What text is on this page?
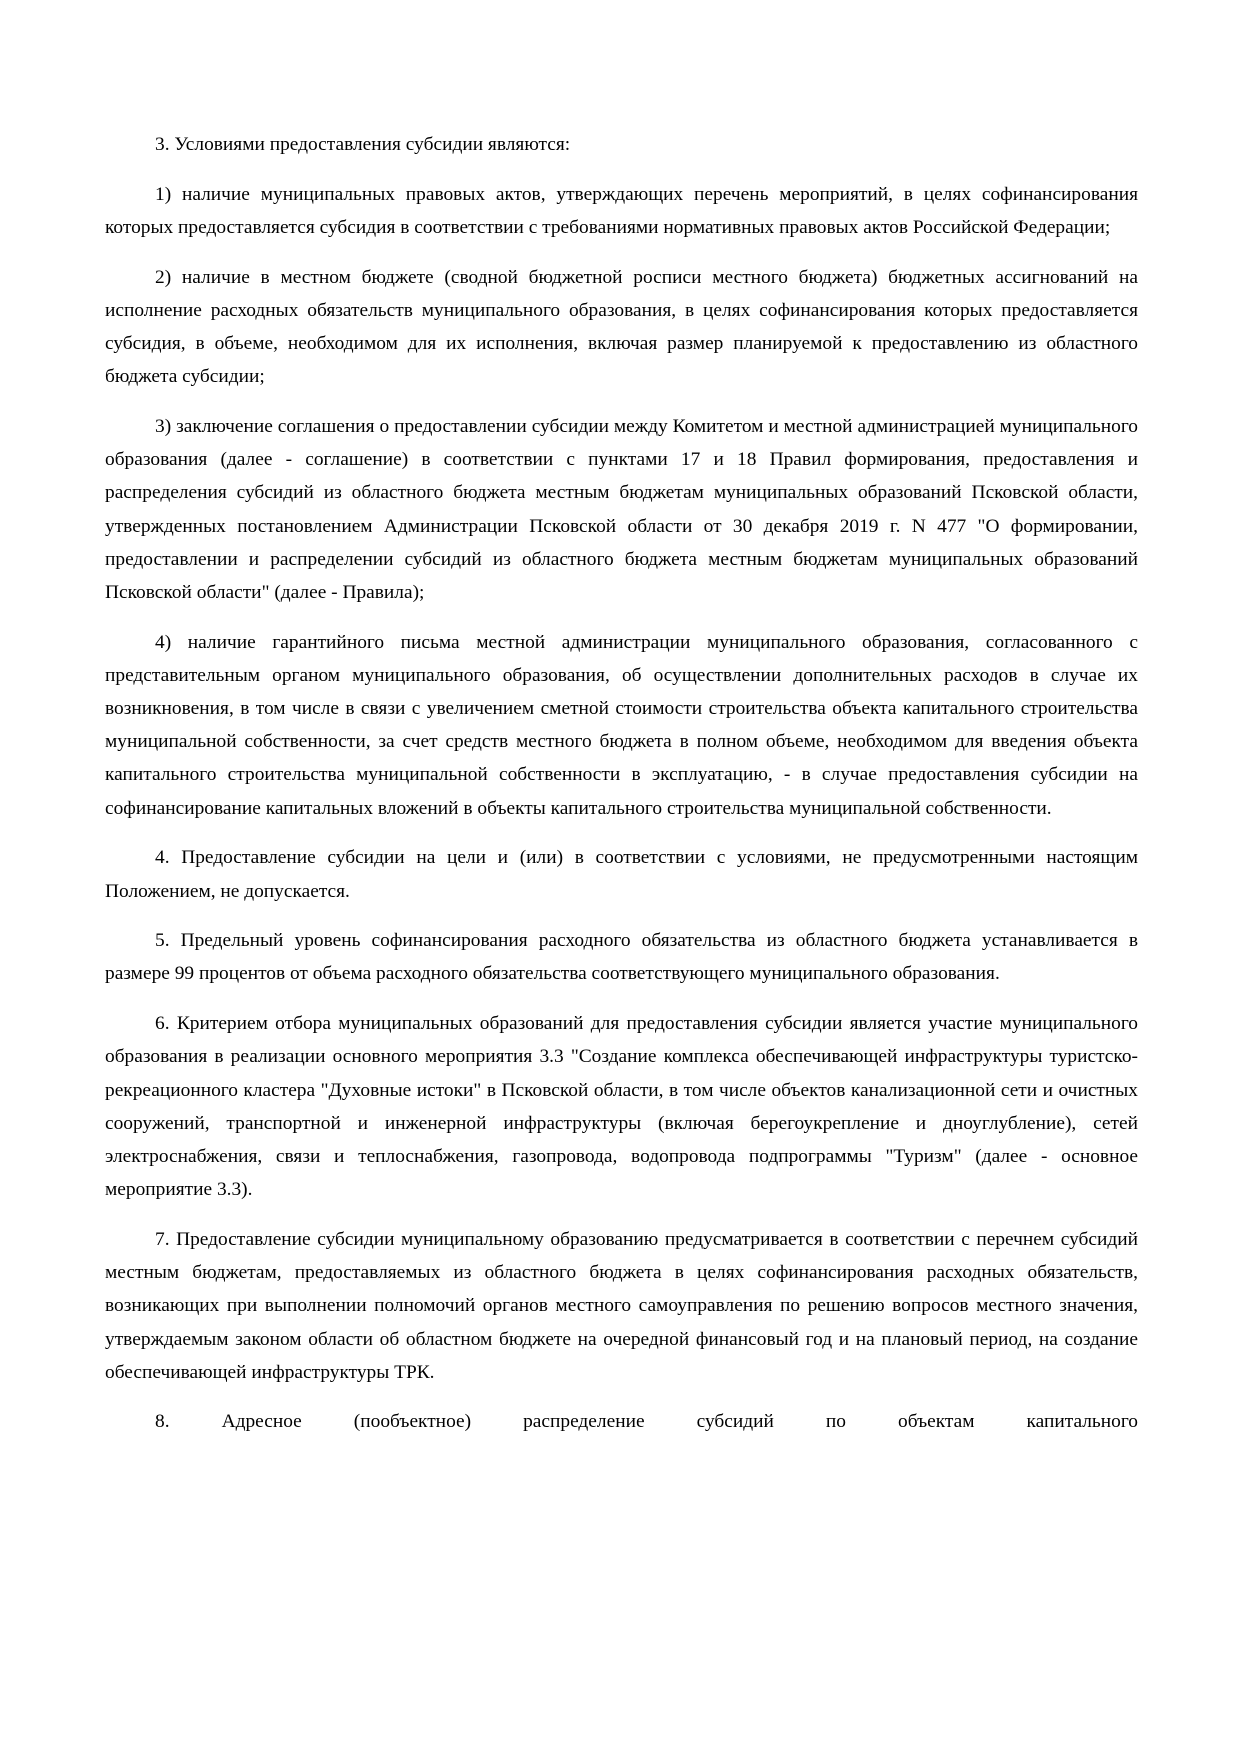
3. Условиями предоставления субсидии являются:

1) наличие муниципальных правовых актов, утверждающих перечень мероприятий, в целях софинансирования которых предоставляется субсидия в соответствии с требованиями нормативных правовых актов Российской Федерации;

2) наличие в местном бюджете (сводной бюджетной росписи местного бюджета) бюджетных ассигнований на исполнение расходных обязательств муниципального образования, в целях софинансирования которых предоставляется субсидия, в объеме, необходимом для их исполнения, включая размер планируемой к предоставлению из областного бюджета субсидии;

3) заключение соглашения о предоставлении субсидии между Комитетом и местной администрацией муниципального образования (далее - соглашение) в соответствии с пунктами 17 и 18 Правил формирования, предоставления и распределения субсидий из областного бюджета местным бюджетам муниципальных образований Псковской области, утвержденных постановлением Администрации Псковской области от 30 декабря 2019 г. N 477 "О формировании, предоставлении и распределении субсидий из областного бюджета местным бюджетам муниципальных образований Псковской области" (далее - Правила);

4) наличие гарантийного письма местной администрации муниципального образования, согласованного с представительным органом муниципального образования, об осуществлении дополнительных расходов в случае их возникновения, в том числе в связи с увеличением сметной стоимости строительства объекта капитального строительства муниципальной собственности, за счет средств местного бюджета в полном объеме, необходимом для введения объекта капитального строительства муниципальной собственности в эксплуатацию, - в случае предоставления субсидии на софинансирование капитальных вложений в объекты капитального строительства муниципальной собственности.

4. Предоставление субсидии на цели и (или) в соответствии с условиями, не предусмотренными настоящим Положением, не допускается.

5. Предельный уровень софинансирования расходного обязательства из областного бюджета устанавливается в размере 99 процентов от объема расходного обязательства соответствующего муниципального образования.

6. Критерием отбора муниципальных образований для предоставления субсидии является участие муниципального образования в реализации основного мероприятия 3.3 "Создание комплекса обеспечивающей инфраструктуры туристско-рекреационного кластера "Духовные истоки" в Псковской области, в том числе объектов канализационной сети и очистных сооружений, транспортной и инженерной инфраструктуры (включая берегоукрепление и дноуглубление), сетей электроснабжения, связи и теплоснабжения, газопровода, водопровода подпрограммы "Туризм" (далее - основное мероприятие 3.3).

7. Предоставление субсидии муниципальному образованию предусматривается в соответствии с перечнем субсидий местным бюджетам, предоставляемых из областного бюджета в целях софинансирования расходных обязательств, возникающих при выполнении полномочий органов местного самоуправления по решению вопросов местного значения, утверждаемым законом области об областном бюджете на очередной финансовый год и на плановый период, на создание обеспечивающей инфраструктуры ТРК.

8. Адресное (пообъектное) распределение субсидий по объектам капитального
